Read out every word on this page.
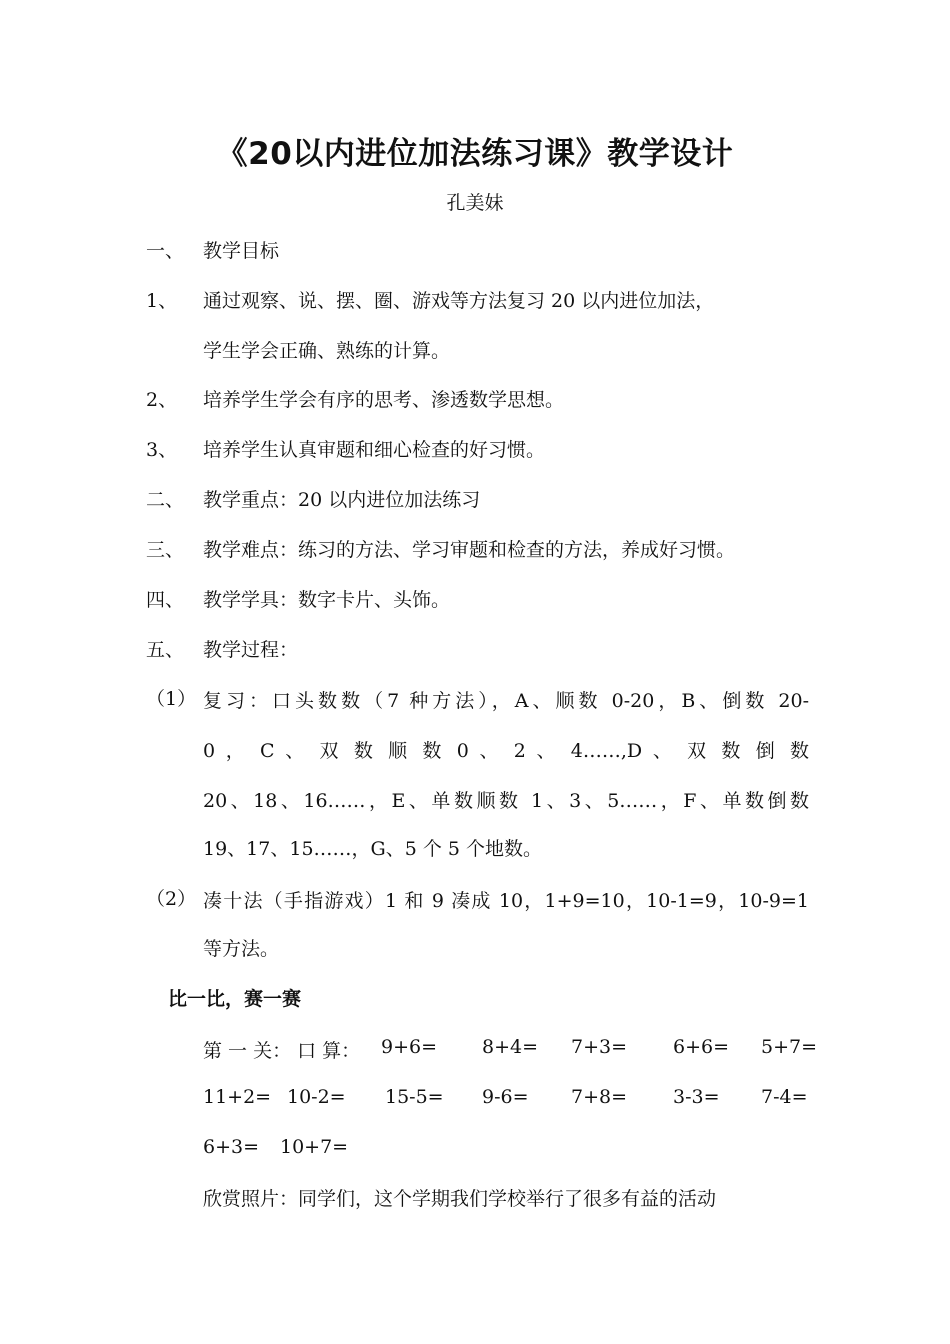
《20以内进位加法练习课》教学设计
孔美妹
一、 教学目标
1、 通过观察、说、摆、圈、游戏等方法复习 20 以内进位加法，
学生学会正确、熟练的计算。
2、 培养学生学会有序的思考、渗透数学思想。
3、 培养学生认真审题和细心检查的好习惯。
二、 教学重点：20 以内进位加法练习
三、 教学难点：练习的方法、学习审题和检查的方法，养成好习惯。
四、 教学学具：数字卡片、头饰。
五、 教学过程：
（1） 复习：口头数数（7 种方法），A、顺数 0-20，B、倒数 20-
0 ， C 、 双 数 顺 数 0 、 2 、 4……,D 、 双 数 倒 数
20、18、16……，E、单数顺数 1、3、5……，F、单数倒数
19、17、15……，G、5 个 5 个地数。
（2） 凑十法（手指游戏）1 和 9 凑成 10，1+9=10，10-1=9，10-9=1
等方法。
比一比，赛一赛
第 一 关： 口 算： 9+6= 8+4= 7+3= 6+6= 5+7=
11+2= 10-2= 15-5= 9-6= 7+8= 3-3= 7-4=
6+3= 10+7=
欣赏照片：同学们，这个学期我们学校举行了很多有益的活动
